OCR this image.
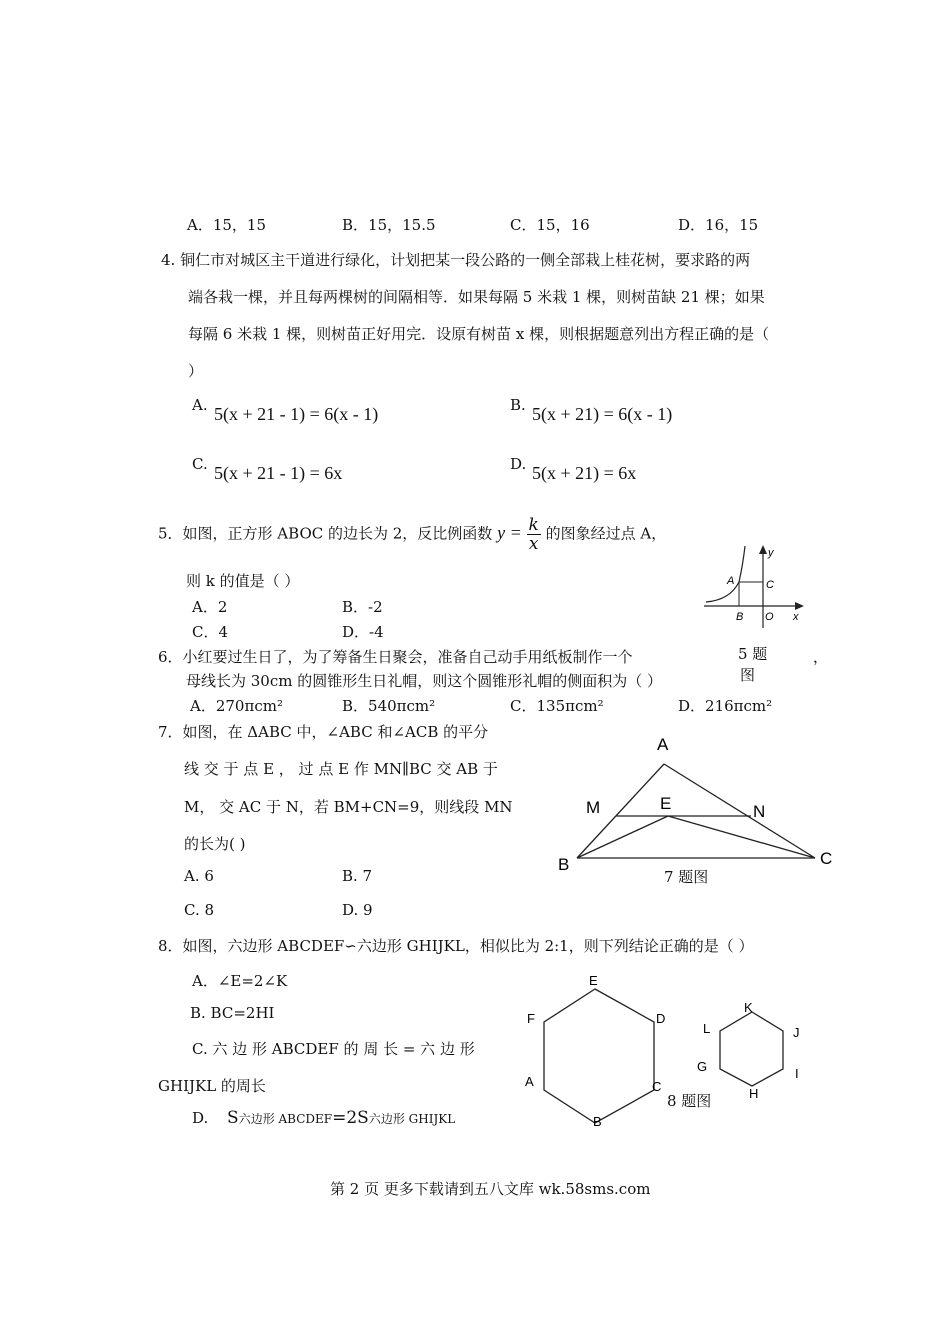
A．15，15	B．15，15.5	C．15，16	D．16，15
4. 铜仁市对城区主干道进行绿化，计划把某一段公路的一侧全部栽上桂花树，要求路的两
端各栽一棵，并且每两棵树的间隔相等．如果每隔 5 米栽 1 棵，则树苗缺 21 棵；如果
每隔 6 米栽 1 棵，则树苗正好用完．设原有树苗 x 棵，则根据题意列出方程正确的是（
）
A. 5(x + 21 - 1) = 6(x - 1)	B. 5(x + 21) = 6(x - 1)
C. 5(x + 21 - 1) = 6x	D. 5(x + 21) = 6x
5．如图，正方形 ABOC 的边长为 2，反比例函数 $y = \frac{k}{x}$ 的图象经过点 A，
则 k 的值是（ ）
A．2	B．-2
C．4	D．-4
y
x
A	C
B O
5 题
图
6．小红要过生日了，为了筹备生日聚会，准备自己动手用纸板制作一个	，
母线长为 30cm 的圆锥形生日礼帽，则这个圆锥形礼帽的侧面积为（ ）
A．270πcm²	B．540πcm²	C．135πcm²	D．216πcm²
7．如图，在 ΔABC 中，∠ABC 和∠ACB 的平分
线 交 于 点 E ， 过 点 E 作 MN∥BC 交 AB 于
M， 交 AC 于 N，若 BM+CN=9，则线段 MN
的长为( )
A. 6	B. 7
C. 8	D. 9
A
M	E	N
B	C
7 题图
8．如图，六边形 ABCDEF∽六边形 GHIJKL，相似比为 2:1，则下列结论正确的是（ ）
A．∠E=2∠K
B. BC=2HI
C. 六 边 形 ABCDEF 的 周 长 = 六 边 形
GHIJKL 的周长
D. S六边形 ABCDEF=2S六边形 GHIJKL
E
F	D
A	C
B
K
L	J
G	I
H
8 题图
第 2 页 更多下载请到五八文库 wk.58sms.com
